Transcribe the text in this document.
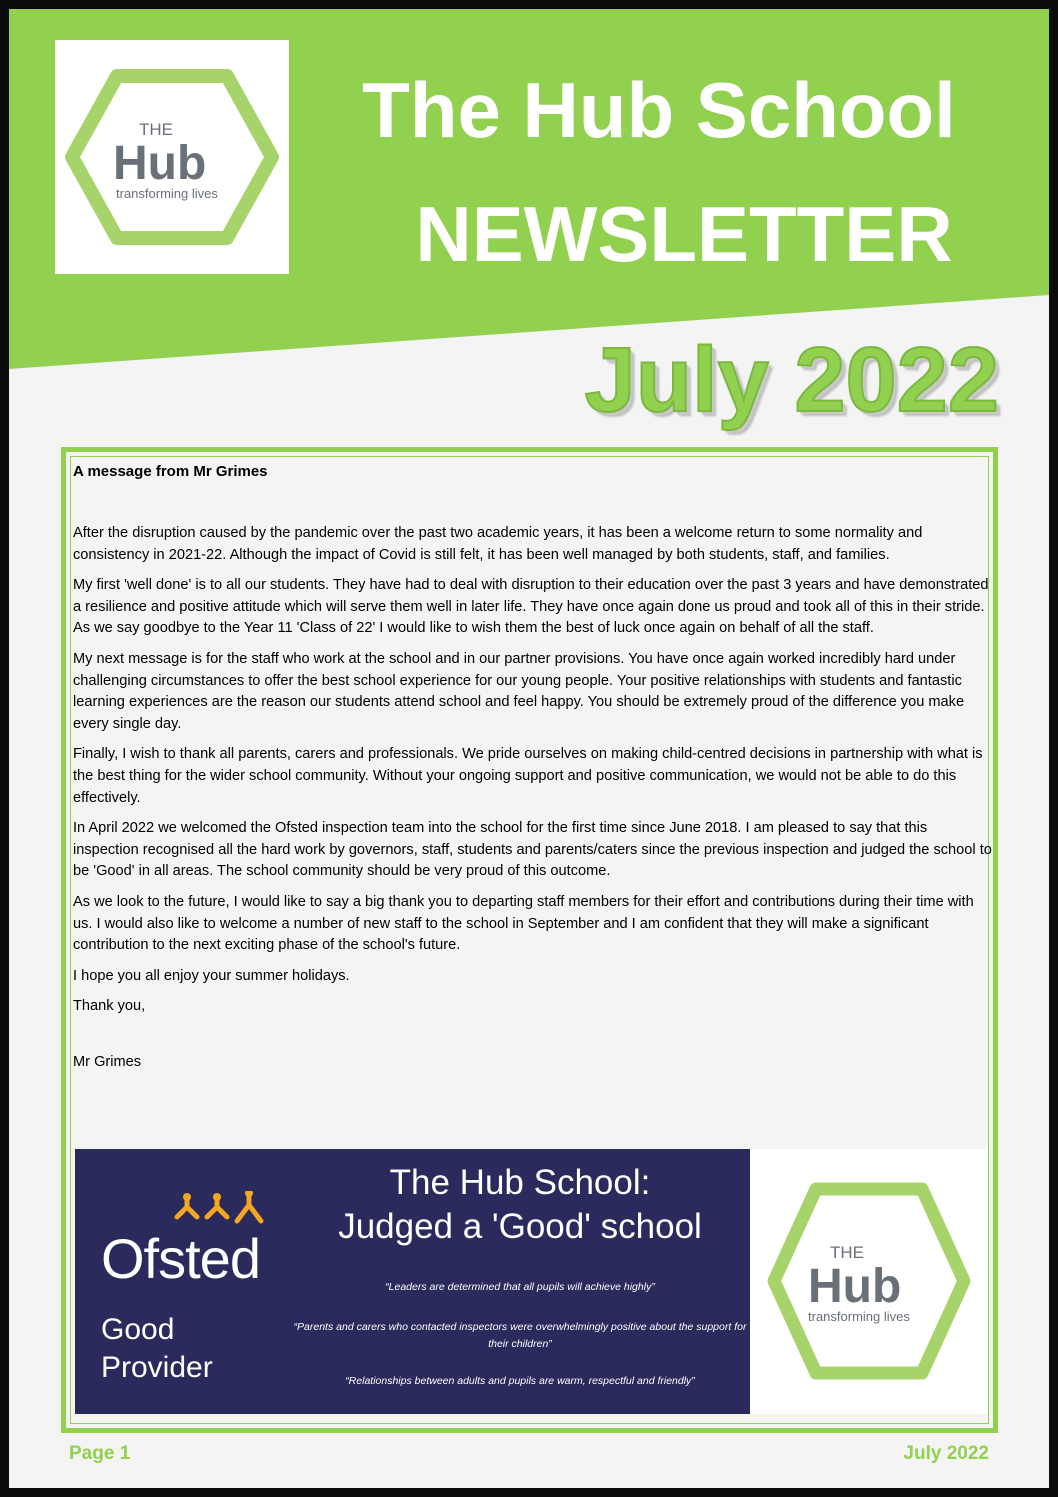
THE
Hub
transforming lives
The Hub School
NEWSLETTER
July 2022
A message from Mr Grimes

After the disruption caused by the pandemic over the past two academic years, it has been a welcome return to some normality and consistency in 2021-22. Although the impact of Covid is still felt, it has been well managed by both students, staff, and families.

My first 'well done' is to all our students. They have had to deal with disruption to their education over the past 3 years and have demonstrated a resilience and positive attitude which will serve them well in later life. They have once again done us proud and took all of this in their stride. As we say goodbye to the Year 11 'Class of 22' I would like to wish them the best of luck once again on behalf of all the staff.

My next message is for the staff who work at the school and in our partner provisions. You have once again worked incredibly hard under challenging circumstances to offer the best school experience for our young people. Your positive relationships with students and fantastic learning experiences are the reason our students attend school and feel happy. You should be extremely proud of the difference you make every single day.

Finally, I wish to thank all parents, carers and professionals. We pride ourselves on making child-centred decisions in partnership with what is the best thing for the wider school community. Without your ongoing support and positive communication, we would not be able to do this effectively.

In April 2022 we welcomed the Ofsted inspection team into the school for the first time since June 2018. I am pleased to say that this inspection recognised all the hard work by governors, staff, students and parents/caters since the previous inspection and judged the school to be 'Good' in all areas. The school community should be very proud of this outcome.

As we look to the future, I would like to say a big thank you to departing staff members for their effort and contributions during their time with us. I would also like to welcome a number of new staff to the school in September and I am confident that they will make a significant contribution to the next exciting phase of the school's future.

I hope you all enjoy your summer holidays.

Thank you,

Mr Grimes

Ofsted
Good
Provider
The Hub School:
Judged a 'Good' school
“Leaders are determined that all pupils will achieve highly”
“Parents and carers who contacted inspectors were overwhelmingly positive about the support for their children”
“Relationships between adults and pupils are warm, respectful and friendly”
THE
Hub
transforming lives
Page 1	July 2022
